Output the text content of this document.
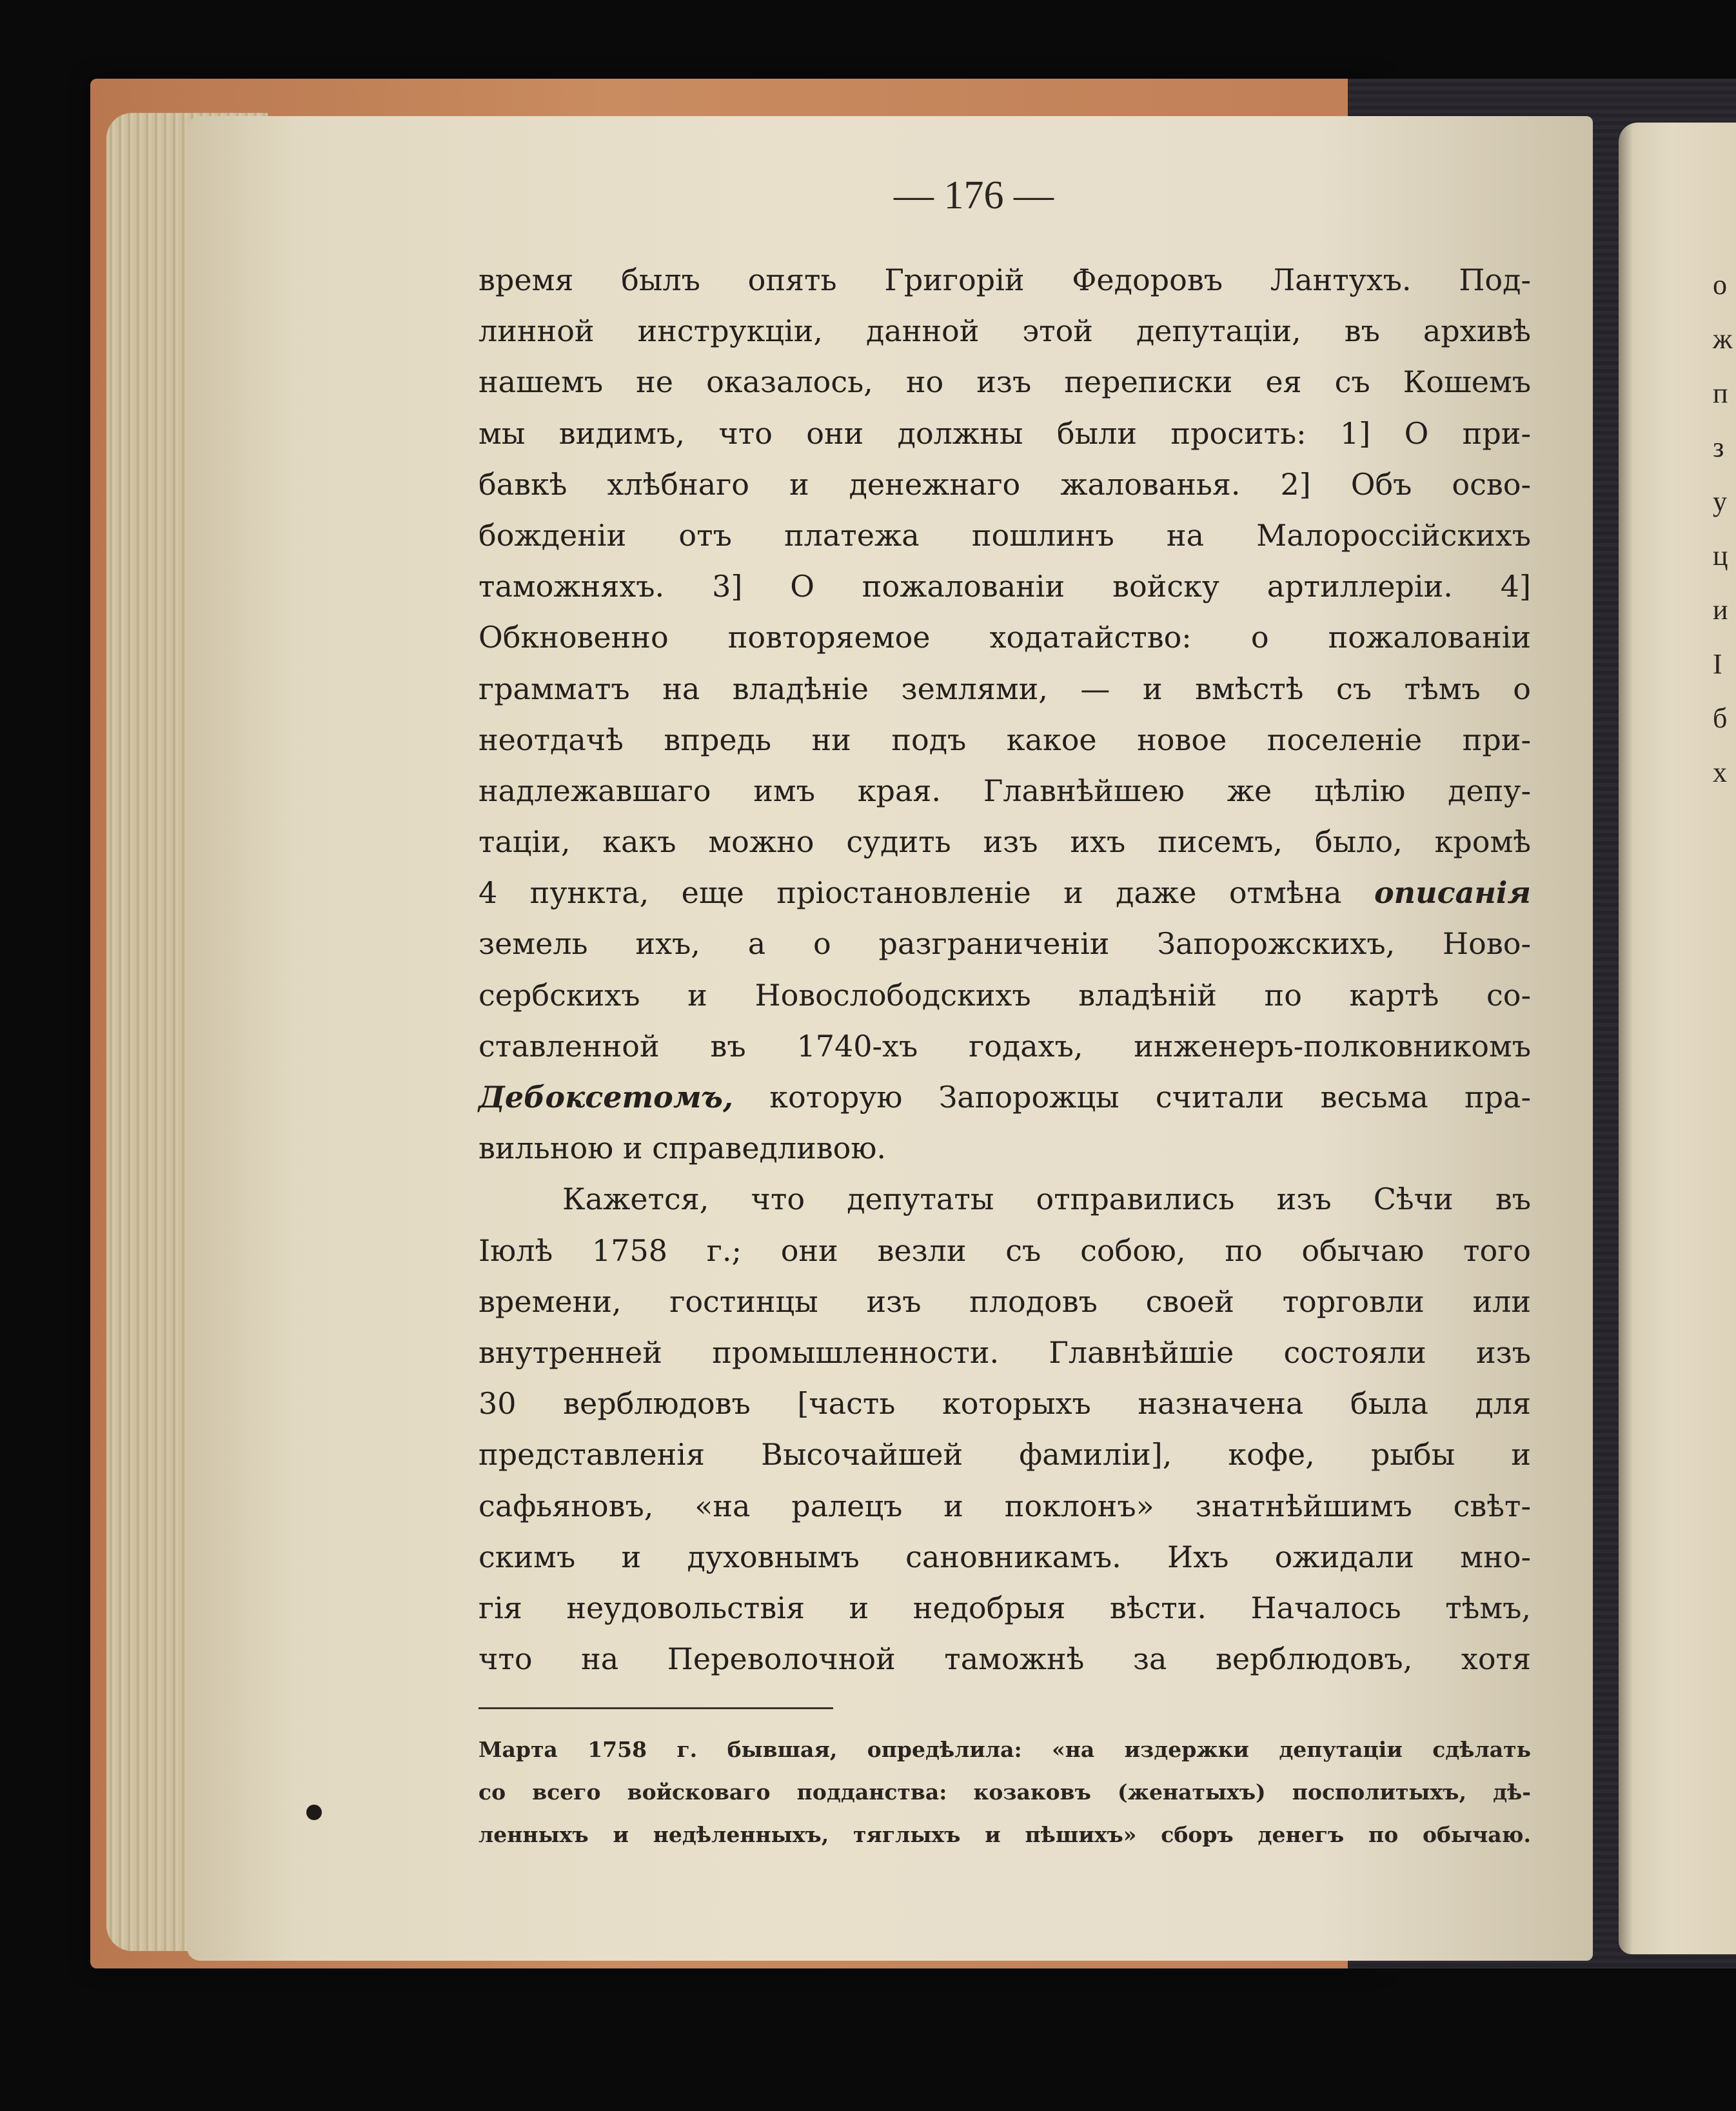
о
ж
п
з
у
ц
и
І
б
х
— 176 —
время былъ опять Григорій Федоровъ Лантухъ. Под-
линной инструкціи, данной этой депутаціи, въ архивѣ
нашемъ не оказалось, но изъ переписки ея съ Кошемъ
мы видимъ, что они должны были просить: 1] О при-
бавкѣ хлѣбнаго и денежнаго жалованья. 2] Объ осво-
божденіи отъ платежа пошлинъ на Малороссійскихъ
таможняхъ. 3] О пожалованіи войску артиллеріи. 4]
Обкновенно повторяемое ходатайство: о пожалованіи
грамматъ на владѣніе землями, — и вмѣстѣ съ тѣмъ о
неотдачѣ впредь ни подъ какое новое поселеніе при-
надлежавшаго имъ края. Главнѣйшею же цѣлію депу-
таціи, какъ можно судить изъ ихъ писемъ, было, кромѣ
4 пункта, еще пріостановленіе и даже отмѣна описанія
земель ихъ, а о разграниченіи Запорожскихъ, Ново-
сербскихъ и Новослободскихъ владѣній по картѣ со-
ставленной въ 1740-хъ годахъ, инженеръ-полковникомъ
Дебоксетомъ, которую Запорожцы считали весьма пра-
вильною и справедливою.
Кажется, что депутаты отправились изъ Сѣчи въ
Іюлѣ 1758 г.; они везли съ собою, по обычаю того
времени, гостинцы изъ плодовъ своей торговли или
внутренней промышленности. Главнѣйшіе состояли изъ
30 верблюдовъ [часть которыхъ назначена была для
представленія Высочайшей фамиліи], кофе, рыбы и
сафьяновъ, «на ралецъ и поклонъ» знатнѣйшимъ свѣт-
скимъ и духовнымъ сановникамъ. Ихъ ожидали мно-
гія неудовольствія и недобрыя вѣсти. Началось тѣмъ,
что на Переволочной таможнѣ за верблюдовъ, хотя
Марта 1758 г. бывшая, опредѣлила: «на издержки депутаціи сдѣлать
со всего войсковаго подданства: козаковъ (женатыхъ) посполитыхъ, дѣ-
ленныхъ и недѣленныхъ, тяглыхъ и пѣшихъ» сборъ денегъ по обычаю.
